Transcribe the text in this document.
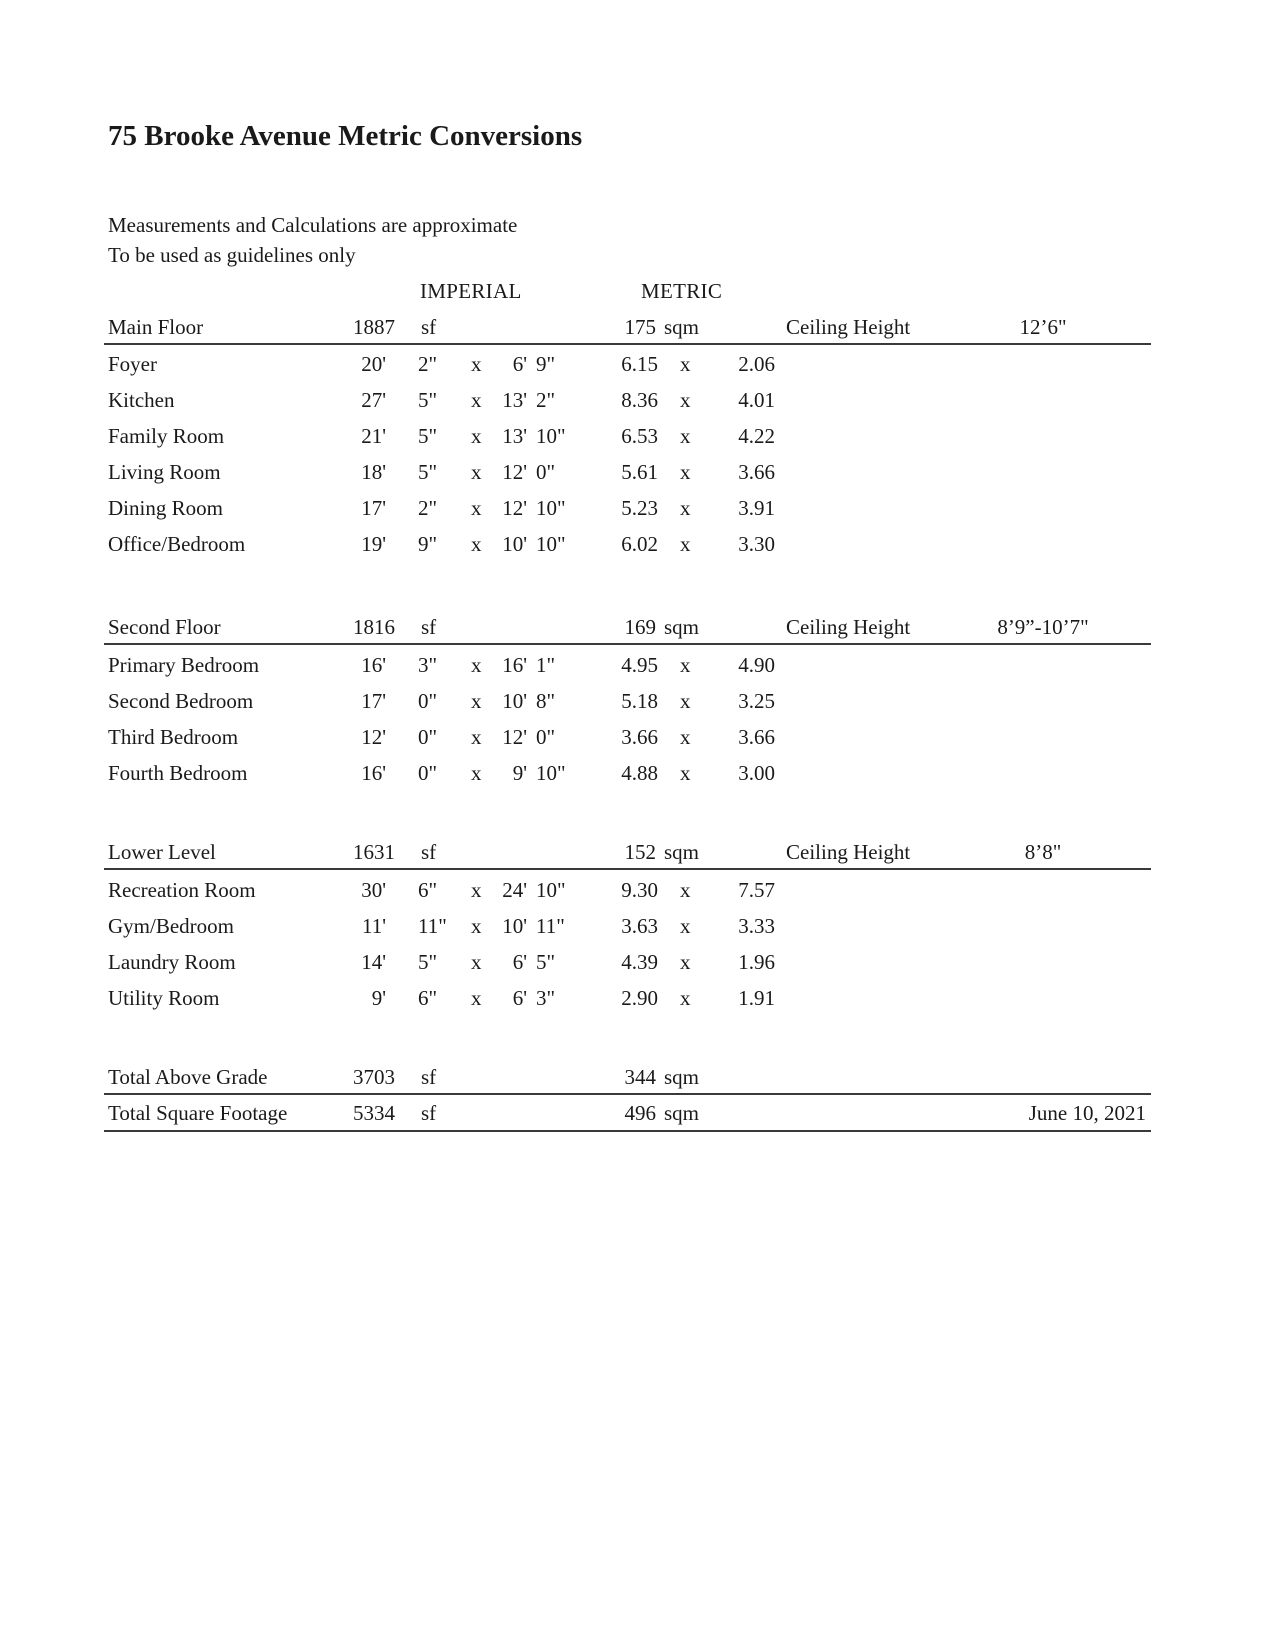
75 Brooke Avenue Metric Conversions
Measurements and Calculations are approximate
To be used as guidelines only
IMPERIAL	METRIC
Main Floor	1887 sf	175 sqm	Ceiling Height	12’6"
Foyer	20' 2"	x	6' 9"	6.15 x	2.06
Kitchen	27' 5"	x 13' 2"	8.36 x	4.01
Family Room	21' 5"	x 13' 10"	6.53 x	4.22
Living Room	18' 5"	x 12' 0"	5.61 x	3.66
Dining Room	17' 2"	x 12' 10"	5.23 x	3.91
Office/Bedroom	19' 9"	x 10' 10"	6.02 x	3.30
Second Floor	1816 sf	169 sqm	Ceiling Height	8’9”-10’7"
Primary Bedroom	16' 3"	x 16' 1"	4.95 x	4.90
Second Bedroom	17' 0"	x 10' 8"	5.18 x	3.25
Third Bedroom	12' 0"	x 12' 0"	3.66 x	3.66
Fourth Bedroom	16' 0"	x	9' 10"	4.88 x	3.00
Lower Level	1631 sf	152 sqm	Ceiling Height	8’8"
Recreation Room	30' 6"	x 24' 10"	9.30 x	7.57
Gym/Bedroom	11' 11" x 10' 11"	3.63 x	3.33
Laundry Room	14' 5"	x	6' 5"	4.39 x	1.96
Utility Room	9' 6"	x	6' 3"	2.90 x	1.91
Total Above Grade	3703 sf	344 sqm
Total Square Footage	5334 sf	496 sqm	June 10, 2021
